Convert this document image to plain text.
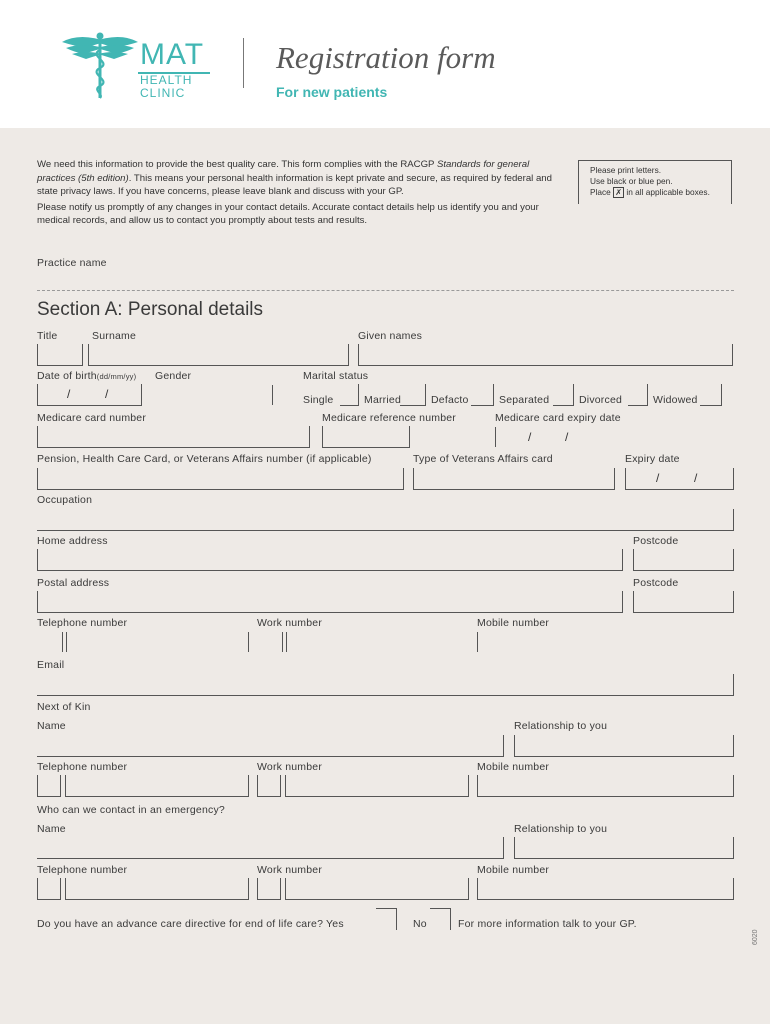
MAT
HEALTH
CLINIC
Registration form
For new patients

We need this information to provide the best quality care. This form complies with the RACGP Standards for general practices (5th edition). This means your personal health information is kept private and secure, as required by federal and state privacy laws. If you have concerns, please leave blank and discuss with your GP.

Please notify us promptly of any changes in your contact details. Accurate contact details help us identify you and your medical records, and allow us to contact you promptly about tests and results.

Please print letters.
Use black or blue pen.
Place ✗ in all applicable boxes.
Practice name
Section A: Personal details
Title	Surname	Given names
Date of birth(dd/mm/yy) Gender	Marital status
/	/	Single	Married	Defacto	Separated	Divorced	Widowed
Medicare card number	Medicare reference number	Medicare card expiry date
/	/
Pension, Health Care Card, or Veterans Affairs number (if applicable)	Type of Veterans Affairs card	Expiry date
/	/
Occupation
Home address	Postcode
Postal address	Postcode
Telephone number	Work number	Mobile number
Email
Next of Kin
Name	Relationship to you
Telephone number	Work number	Mobile number
Who can we contact in an emergency?
Name	Relationship to you
Telephone number	Work number	Mobile number
Do you have an advance care directive for end of life care? Yes	No	For more information talk to your GP.
6020
